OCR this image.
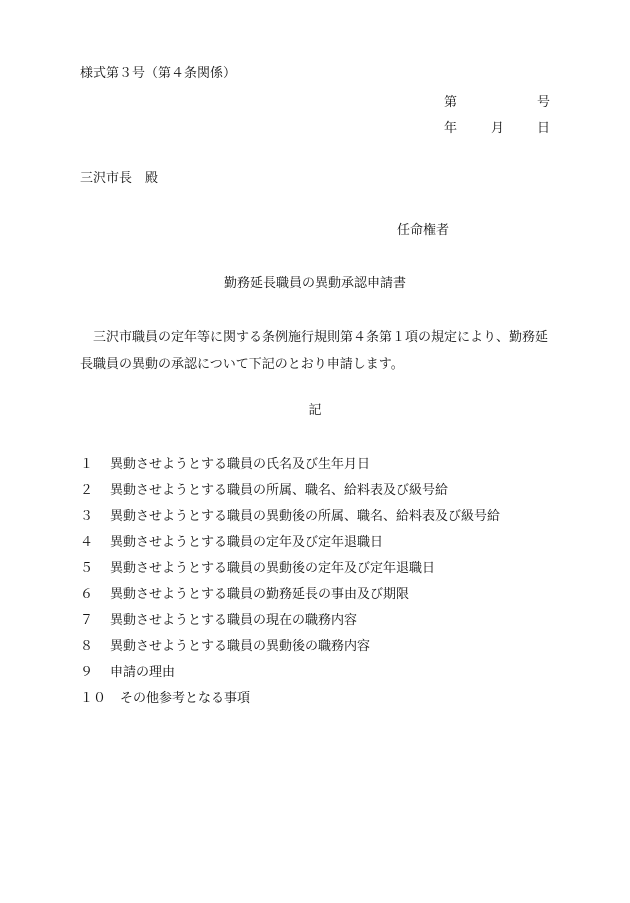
様式第３号（第４条関係）
第	号
年	月	日
三沢市長　殿
任命権者
勤務延長職員の異動承認申請書
　三沢市職員の定年等に関する条例施行規則第４条第１項の規定により、勤務延長職員の異動の承認について下記のとおり申請します。
記
１ 異動させようとする職員の氏名及び生年月日
２ 異動させようとする職員の所属、職名、給料表及び級号給
３	異動させようとする職員の異動後の所属、職名、給料表及び級号給
４ 異動させようとする職員の定年及び定年退職日
５ 異動させようとする職員の異動後の定年及び定年退職日
６ 異動させようとする職員の勤務延長の事由及び期限
７ 異動させようとする職員の現在の職務内容
８ 異動させようとする職員の異動後の職務内容
９ 申請の理由
１０ その他参考となる事項
